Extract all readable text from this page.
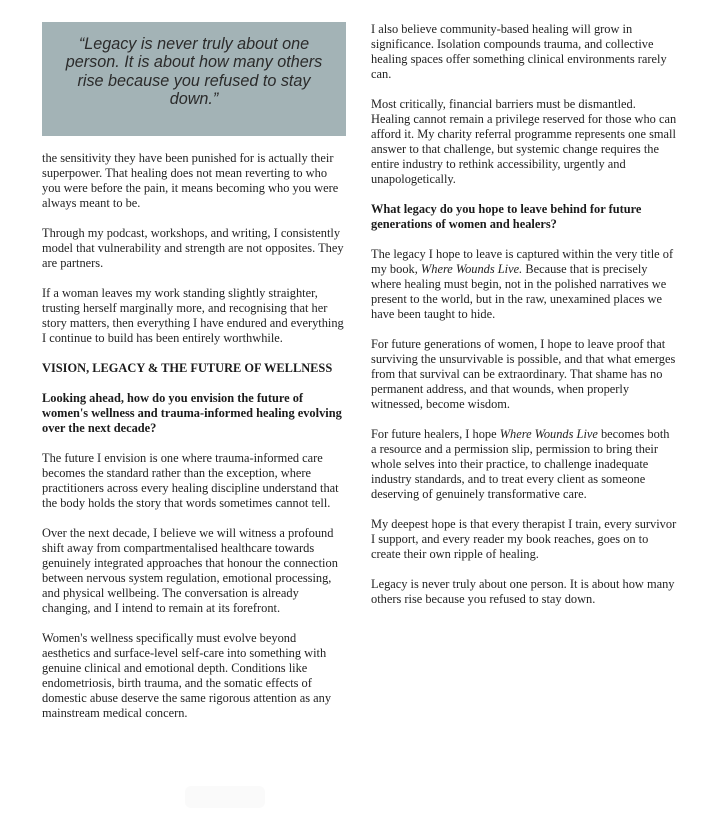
“Legacy is never truly about one person. It is about how many others rise because you refused to stay down.”

the sensitivity they have been punished for is actually their superpower. That healing does not mean reverting to who you were before the pain, it means becoming who you were always meant to be.

Through my podcast, workshops, and writing, I consistently model that vulnerability and strength are not opposites. They are partners.

If a woman leaves my work standing slightly straighter, trusting herself marginally more, and recognising that her story matters, then everything I have endured and everything I continue to build has been entirely worthwhile.

VISION, LEGACY & THE FUTURE OF WELLNESS

Looking ahead, how do you envision the future of women's wellness and trauma-informed healing evolving over the next decade?

The future I envision is one where trauma-informed care becomes the standard rather than the exception, where practitioners across every healing discipline understand that the body holds the story that words sometimes cannot tell.

Over the next decade, I believe we will witness a profound shift away from compartmentalised healthcare towards genuinely integrated approaches that honour the connection between nervous system regulation, emotional processing, and physical wellbeing. The conversation is already changing, and I intend to remain at its forefront.

Women's wellness specifically must evolve beyond aesthetics and surface-level self-care into something with genuine clinical and emotional depth. Conditions like endometriosis, birth trauma, and the somatic effects of domestic abuse deserve the same rigorous attention as any mainstream medical concern.

I also believe community-based healing will grow in significance. Isolation compounds trauma, and collective healing spaces offer something clinical environments rarely can.

Most critically, financial barriers must be dismantled. Healing cannot remain a privilege reserved for those who can afford it. My charity referral programme represents one small answer to that challenge, but systemic change requires the entire industry to rethink accessibility, urgently and unapologetically.

What legacy do you hope to leave behind for future generations of women and healers?

The legacy I hope to leave is captured within the very title of my book, Where Wounds Live. Because that is precisely where healing must begin, not in the polished narratives we present to the world, but in the raw, unexamined places we have been taught to hide.

For future generations of women, I hope to leave proof that surviving the unsurvivable is possible, and that what emerges from that survival can be extraordinary. That shame has no permanent address, and that wounds, when properly witnessed, become wisdom.

For future healers, I hope Where Wounds Live becomes both a resource and a permission slip, permission to bring their whole selves into their practice, to challenge inadequate industry standards, and to treat every client as someone deserving of genuinely transformative care.

My deepest hope is that every therapist I train, every survivor I support, and every reader my book reaches, goes on to create their own ripple of healing.

Legacy is never truly about one person. It is about how many others rise because you refused to stay down.
